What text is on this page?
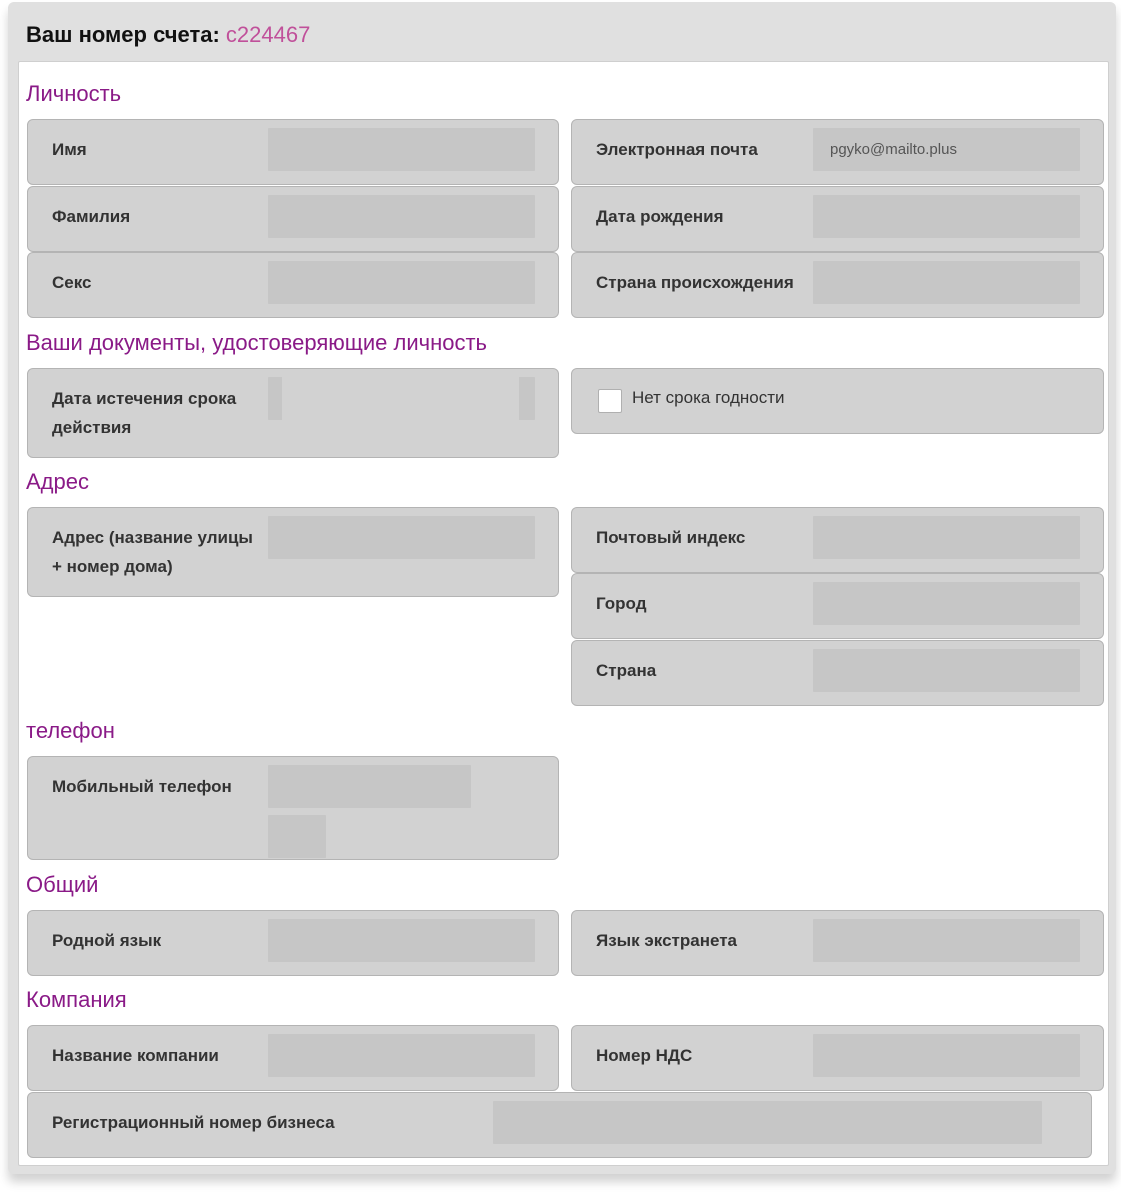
Ваш номер счета: c224467
Личность
Имя	Электронная почта	pgyko@mailto.plus
Фамилия	Дата рождения
Секс	Страна происхождения
Ваши документы, удостоверяющие личность
Дата истечения срока
действия
Нет срока годности
Адрес
Адрес (название улицы
+ номер дома)
Почтовый индекс
Город
Страна
телефон
Мобильный телефон
Общий
Родной язык	Язык экстранета
Компания
Название компании	Номер НДС
Регистрационный номер бизнеса
